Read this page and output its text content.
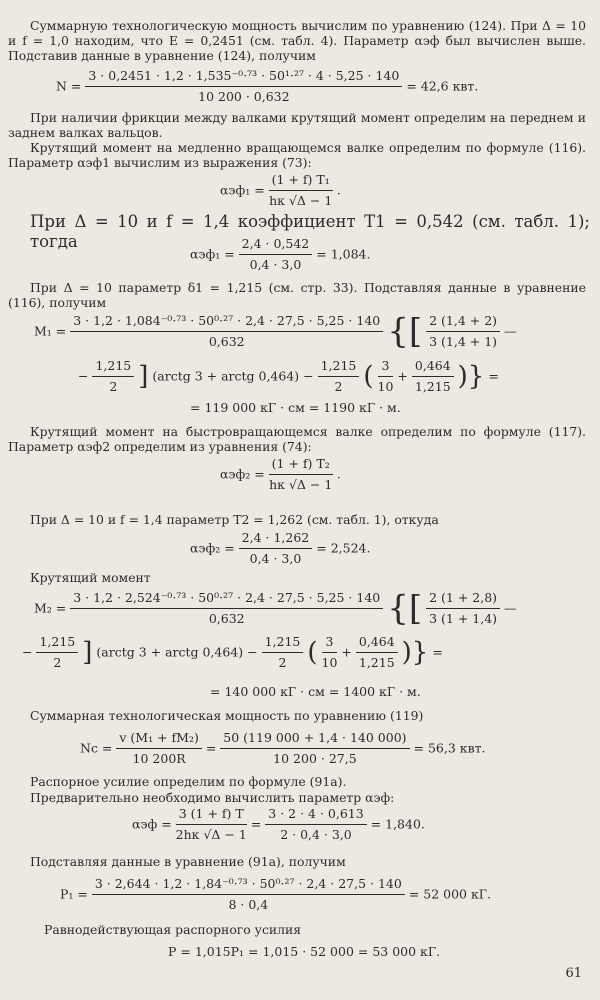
Суммарную технологическую мощность вычислим по уравнению (124). При Δ = 10 и f = 1,0 находим, что E = 0,2451 (см. табл. 4). Параметр αэф был вычислен выше. Подставив данные в уравнение (124), получим
$N = \frac{\text{3 · 0,2451 · 1,2 · 1,535⁻⁰·⁷³ · 50¹·²⁷ · 4 · 5,25 · 140}}{10 200 \cdot 0,632} = 42,6$ квт.
При наличии фрикции между валками крутящий момент определим на переднем и заднем валках вальцов.
Крутящий момент на медленно вращающемся валке определим по формуле (116). Параметр αэф1 вычислим из выражения (73):
$\alpha эф_1 = \frac{\text{(1 + f) T₁}}{hк √\Delta - 1}$ .
При Δ = 10 и f = 1,4 коэффициент T1 = 0,542 (см. табл. 1); тогда
$\alpha эф_1 = \frac{2,4 \cdot 0,542}{0,4 \cdot 3,0} = 1,084$.
При Δ = 10 параметр δ1 = 1,215 (см. стр. 33). Подставляя данные в уравнение (116), получим
$M_1 = \frac{\text{3 · 1,2 · 1,084⁻⁰·⁷³ · 50⁰·²⁷ · 2,4 · 27,5 · 5,25 · 140}}{0,632}$ {[ $\frac{2 (1,4 + 2)}{3 (1,4 + 1)}$ —
− $\frac{1,215}{2}$ ] (arctg 3 + arctg $0,464) - \frac{1,215}{2}$ ( $\frac{3}{10} + \frac{0,464}{1,215}$ )} =
= 119 000 кГ · см = 1190 кГ · м.
Крутящий момент на быстровращающемся валке определим по формуле (117). Параметр αэф2 определим из уравнения (74):
$\alpha эф_2 = \frac{\text{(1 + f) T₂}}{hк √\Delta - 1}$ .
При Δ = 10 и f = 1,4 параметр T2 = 1,262 (см. табл. 1), откуда
$\alpha эф_2 = \frac{2,4 \cdot 1,262}{0,4 \cdot 3,0} = 2,524$.
Крутящий момент
$M_2 = \frac{\text{3 · 1,2 · 2,524⁻⁰·⁷³ · 50⁰·²⁷ · 2,4 · 27,5 · 5,25 · 140}}{0,632}$ {[ $\frac{2 (1 + 2,8)}{3 (1 + 1,4)}$ —
− $\frac{1,215}{2}$ ] (arctg 3 + arctg $0,464) - \frac{1,215}{2}$ ( $\frac{3}{10} + \frac{0,464}{1,215}$ )} =
= 140 000 кГ · см = 1400 кГ · м.
Суммарная технологическая мощность по уравнению (119)
$Nc = \frac{\text{v (M₁ + fM₂)}}{10 200R} = \frac{50 (119 000 + 1,4 \cdot 140 000)}{10 200 \cdot 27,5} = 56,3$ квт.
Распорное усилие определим по формуле (91а).
Предварительно необходимо вычислить параметр αэф:
$\alpha эф = \frac{3 (1 + f) T}{2hк √\Delta - 1} = \frac{3 \cdot 2 \cdot 4 \cdot 0,613}{2 \cdot 0,4 \cdot 3,0} = 1,840$.
Подставляя данные в уравнение (91а), получим
$P_1 = \frac{\text{3 · 2,644 · 1,2 · 1,84⁻⁰·⁷³ · 50⁰·²⁷ · 2,4 · 27,5 · 140}}{8 \cdot 0,4} = 52$ 000 кГ.
Равнодействующая распорного усилия
P = 1,015P₁ = 1,015 · 52 000 = 53 000 кГ.
61
